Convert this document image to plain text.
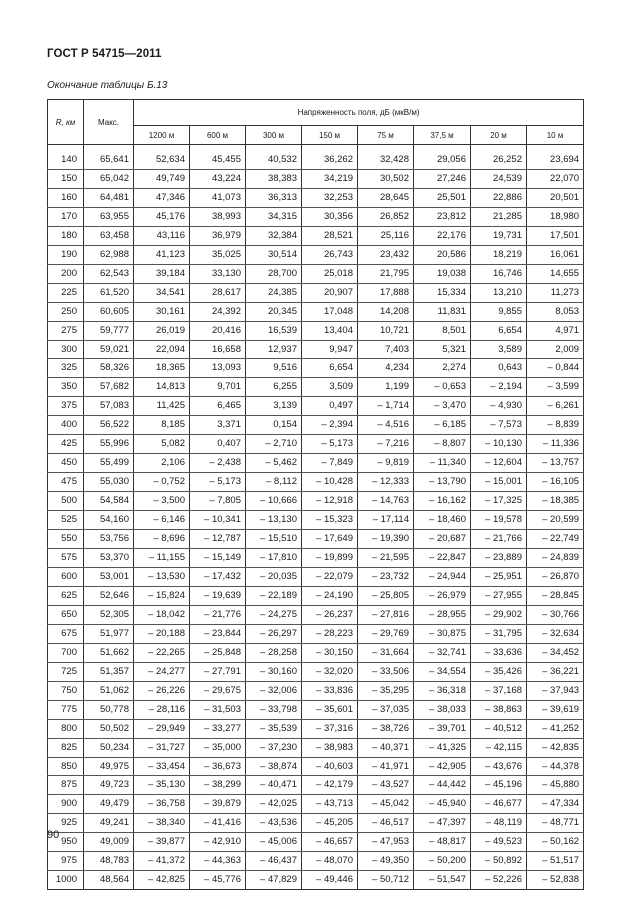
ГОСТ Р 54715—2011
Окончание таблицы Б.13
R, км	Макс.	Напряженность поля, дБ (мкВ/м)							
		1200 м	600 м	300 м	150 м	75 м	37,5 м	20 м	10 м

140	65,641	52,634	45,455	40,532	36,262	32,428	29,056	26,252	23,694
150	65,042	49,749	43,224	38,383	34,219	30,502	27,246	24,539	22,070
160	64,481	47,346	41,073	36,313	32,253	28,645	25,501	22,886	20,501
170	63,955	45,176	38,993	34,315	30,356	26,852	23,812	21,285	18,980
180	63,458	43,116	36,979	32,384	28,521	25,116	22,176	19,731	17,501
190	62,988	41,123	35,025	30,514	26,743	23,432	20,586	18,219	16,061
200	62,543	39,184	33,130	28,700	25,018	21,795	19,038	16,746	14,655
225	61,520	34,541	28,617	24,385	20,907	17,888	15,334	13,210	11,273
250	60,605	30,161	24,392	20,345	17,048	14,208	11,831	9,855	8,053
275	59,777	26,019	20,416	16,539	13,404	10,721	8,501	6,654	4,971
300	59,021	22,094	16,658	12,937	9,947	7,403	5,321	3,589	2,009
325	58,326	18,365	13,093	9,516	6,654	4,234	2,274	0,643	– 0,844
350	57,682	14,813	9,701	6,255	3,509	1,199	– 0,653	– 2,194	– 3,599
375	57,083	11,425	6,465	3,139	0,497	– 1,714	– 3,470	– 4,930	– 6,261
400	56,522	8,185	3,371	0,154	– 2,394	– 4,516	– 6,185	– 7,573	– 8,839
425	55,996	5,082	0,407	– 2,710	– 5,173	– 7,216	– 8,807	– 10,130	– 11,336
450	55,499	2,106	– 2,438	– 5,462	– 7,849	– 9,819	– 11,340	– 12,604	– 13,757
475	55,030	– 0,752	– 5,173	– 8,112	– 10,428	– 12,333	– 13,790	– 15,001	– 16,105
500	54,584	– 3,500	– 7,805	– 10,666	– 12,918	– 14,763	– 16,162	– 17,325	– 18,385
525	54,160	– 6,146	– 10,341	– 13,130	– 15,323	– 17,114	– 18,460	– 19,578	– 20,599
550	53,756	– 8,696	– 12,787	– 15,510	– 17,649	– 19,390	– 20,687	– 21,766	– 22,749
575	53,370	– 11,155	– 15,149	– 17,810	– 19,899	– 21,595	– 22,847	– 23,889	– 24,839
600	53,001	– 13,530	– 17,432	– 20,035	– 22,079	– 23,732	– 24,944	– 25,951	– 26,870
625	52,646	– 15,824	– 19,639	– 22,189	– 24,190	– 25,805	– 26,979	– 27,955	– 28,845
650	52,305	– 18,042	– 21,776	– 24,275	– 26,237	– 27,816	– 28,955	– 29,902	– 30,766
675	51,977	– 20,188	– 23,844	– 26,297	– 28,223	– 29,769	– 30,875	– 31,795	– 32,634
700	51,662	– 22,265	– 25,848	– 28,258	– 30,150	– 31,664	– 32,741	– 33,636	– 34,452
725	51,357	– 24,277	– 27,791	– 30,160	– 32,020	– 33,506	– 34,554	– 35,426	– 36,221
750	51,062	– 26,226	– 29,675	– 32,006	– 33,836	– 35,295	– 36,318	– 37,168	– 37,943
775	50,778	– 28,116	– 31,503	– 33,798	– 35,601	– 37,035	– 38,033	– 38,863	– 39,619
800	50,502	– 29,949	– 33,277	– 35,539	– 37,316	– 38,726	– 39,701	– 40,512	– 41,252
825	50,234	– 31,727	– 35,000	– 37,230	– 38,983	– 40,371	– 41,325	– 42,115	– 42,835
850	49,975	– 33,454	– 36,673	– 38,874	– 40,603	– 41,971	– 42,905	– 43,676	– 44,378
875	49,723	– 35,130	– 38,299	– 40,471	– 42,179	– 43,527	– 44,442	– 45,196	– 45,880
900	49,479	– 36,758	– 39,879	– 42,025	– 43,713	– 45,042	– 45,940	– 46,677	– 47,334
925	49,241	– 38,340	– 41,416	– 43,536	– 45,205	– 46,517	– 47,397	– 48,119	– 48,771
950	49,009	– 39,877	– 42,910	– 45,006	– 46,657	– 47,953	– 48,817	– 49,523	– 50,162
975	48,783	– 41,372	– 44,363	– 46,437	– 48,070	– 49,350	– 50,200	– 50,892	– 51,517
1000	48,564	– 42,825	– 45,776	– 47,829	– 49,446	– 50,712	– 51,547	– 52,226	– 52,838
90
